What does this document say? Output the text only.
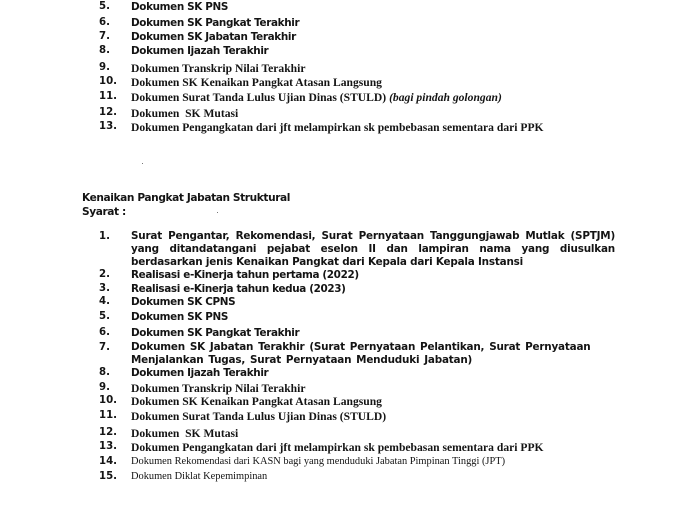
5. Dokumen SK PNS
6. Dokumen SK Pangkat Terakhir
7. Dokumen SK Jabatan Terakhir
8. Dokumen Ijazah Terakhir
9. Dokumen Transkrip Nilai Terakhir
10. Dokumen SK Kenaikan Pangkat Atasan Langsung
11. Dokumen Surat Tanda Lulus Ujian Dinas (STULD) (bagi pindah golongan)
12. Dokumen  SK Mutasi
13. Dokumen Pengangkatan dari jft melampirkan sk pembebasan sementara dari PPK
Kenaikan Pangkat Jabatan Struktural
Syarat :
1. Surat Pengantar, Rekomendasi, Surat Pernyataan Tanggungjawab Mutlak (SPTJM) yang ditandatangani pejabat eselon II dan lampiran nama yang diusulkan berdasarkan jenis Kenaikan Pangkat dari Kepala dari Kepala Instansi
2. Realisasi e-Kinerja tahun pertama (2022)
3. Realisasi e-Kinerja tahun kedua (2023)
4. Dokumen SK CPNS
5. Dokumen SK PNS
6. Dokumen SK Pangkat Terakhir
7. Dokumen SK Jabatan Terakhir (Surat Pernyataan Pelantikan, Surat Pernyataan Menjalankan Tugas, Surat Pernyataan Menduduki Jabatan)
8. Dokumen Ijazah Terakhir
9. Dokumen Transkrip Nilai Terakhir
10. Dokumen SK Kenaikan Pangkat Atasan Langsung
11. Dokumen Surat Tanda Lulus Ujian Dinas (STULD)
12. Dokumen  SK Mutasi
13. Dokumen Pengangkatan dari jft melampirkan sk pembebasan sementara dari PPK
14. Dokumen Rekomendasi dari KASN bagi yang menduduki Jabatan Pimpinan Tinggi (JPT)
15. Dokumen Diklat Kepemimpinan
